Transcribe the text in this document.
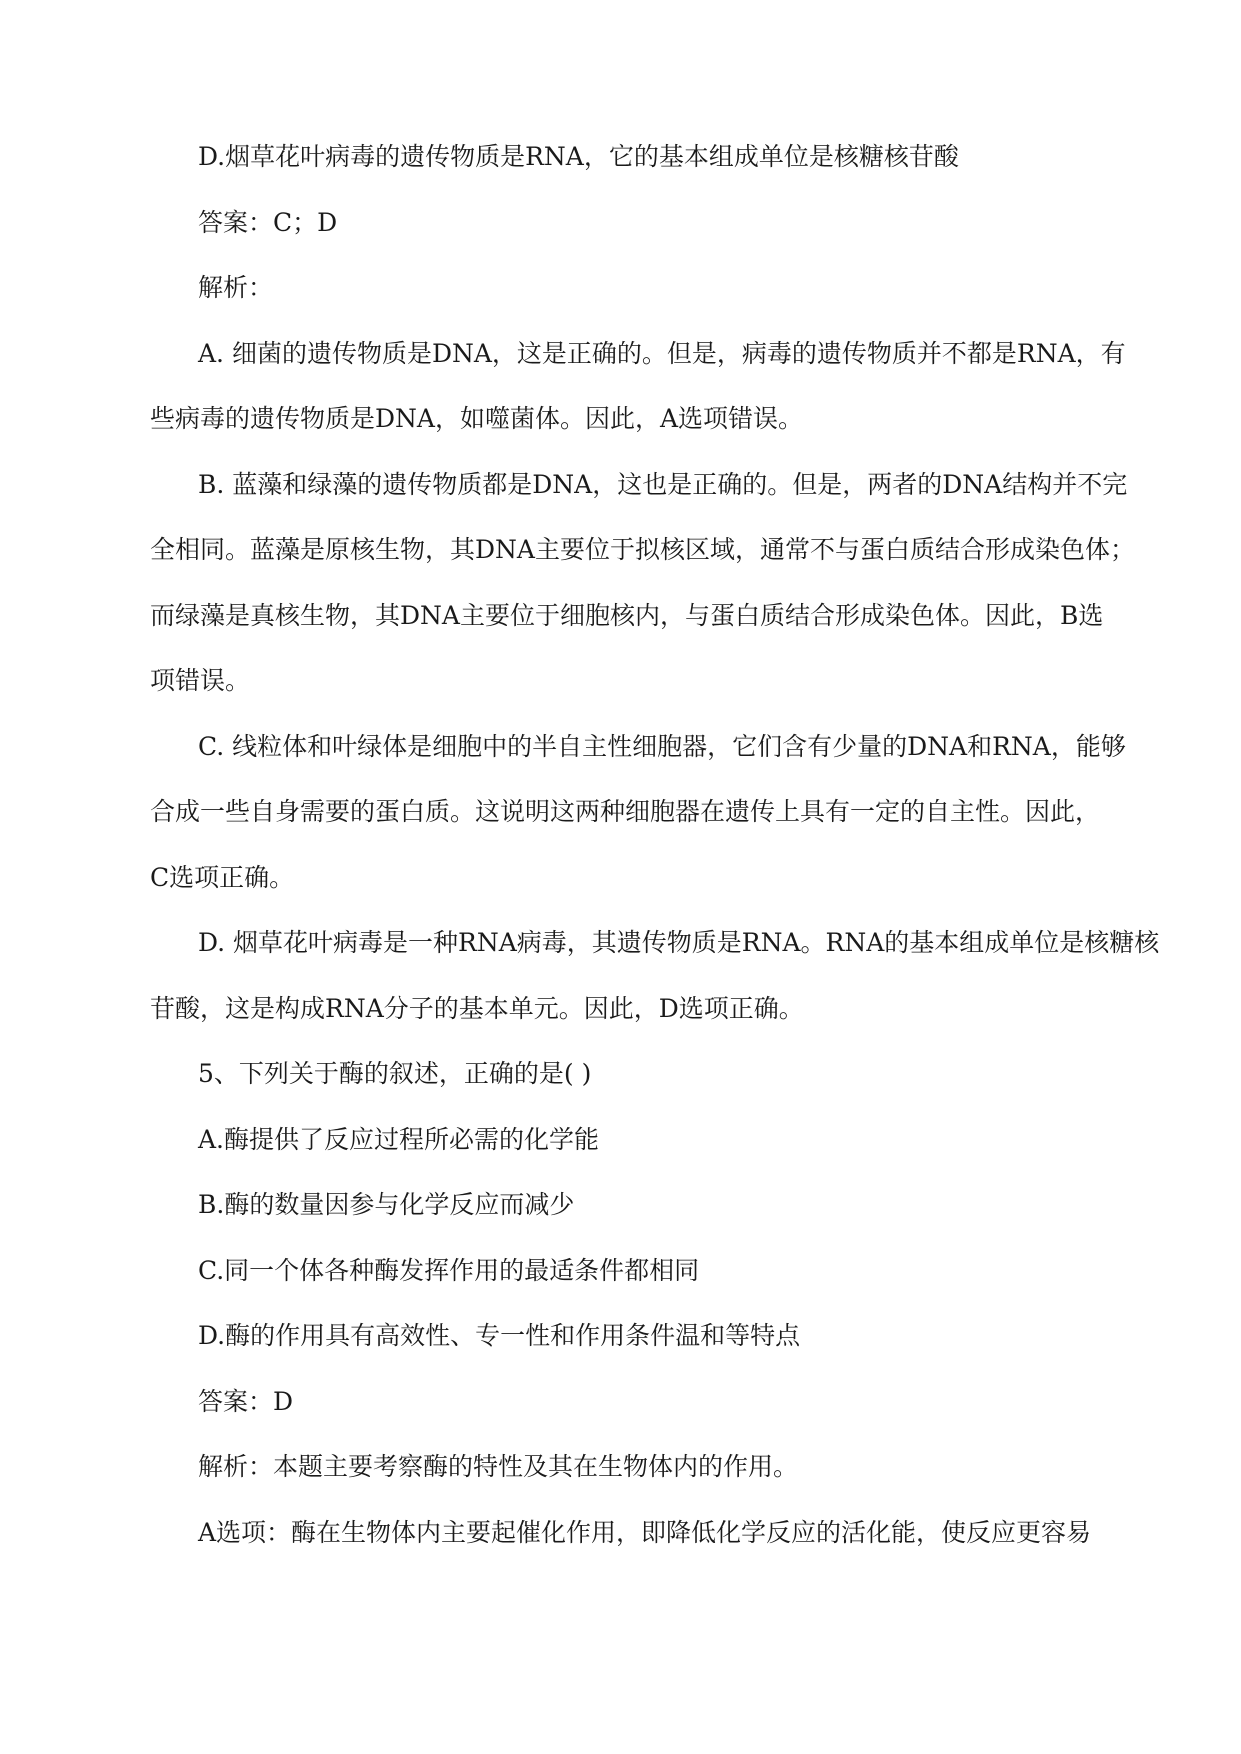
D.烟草花叶病毒的遗传物质是RNA，它的基本组成单位是核糖核苷酸

答案：C；D

解析：

A. 细菌的遗传物质是DNA，这是正确的。但是，病毒的遗传物质并不都是RNA，有

些病毒的遗传物质是DNA，如噬菌体。因此，A选项错误。

B. 蓝藻和绿藻的遗传物质都是DNA，这也是正确的。但是，两者的DNA结构并不完

全相同。蓝藻是原核生物，其DNA主要位于拟核区域，通常不与蛋白质结合形成染色体；

而绿藻是真核生物，其DNA主要位于细胞核内，与蛋白质结合形成染色体。因此，B选

项错误。

C. 线粒体和叶绿体是细胞中的半自主性细胞器，它们含有少量的DNA和RNA，能够

合成一些自身需要的蛋白质。这说明这两种细胞器在遗传上具有一定的自主性。因此，

C选项正确。

D. 烟草花叶病毒是一种RNA病毒，其遗传物质是RNA。RNA的基本组成单位是核糖核

苷酸，这是构成RNA分子的基本单元。因此，D选项正确。

5、下列关于酶的叙述，正确的是( )

A.酶提供了反应过程所必需的化学能

B.酶的数量因参与化学反应而减少

C.同一个体各种酶发挥作用的最适条件都相同

D.酶的作用具有高效性、专一性和作用条件温和等特点

答案：D

解析：本题主要考察酶的特性及其在生物体内的作用。

A选项：酶在生物体内主要起催化作用，即降低化学反应的活化能，使反应更容易
